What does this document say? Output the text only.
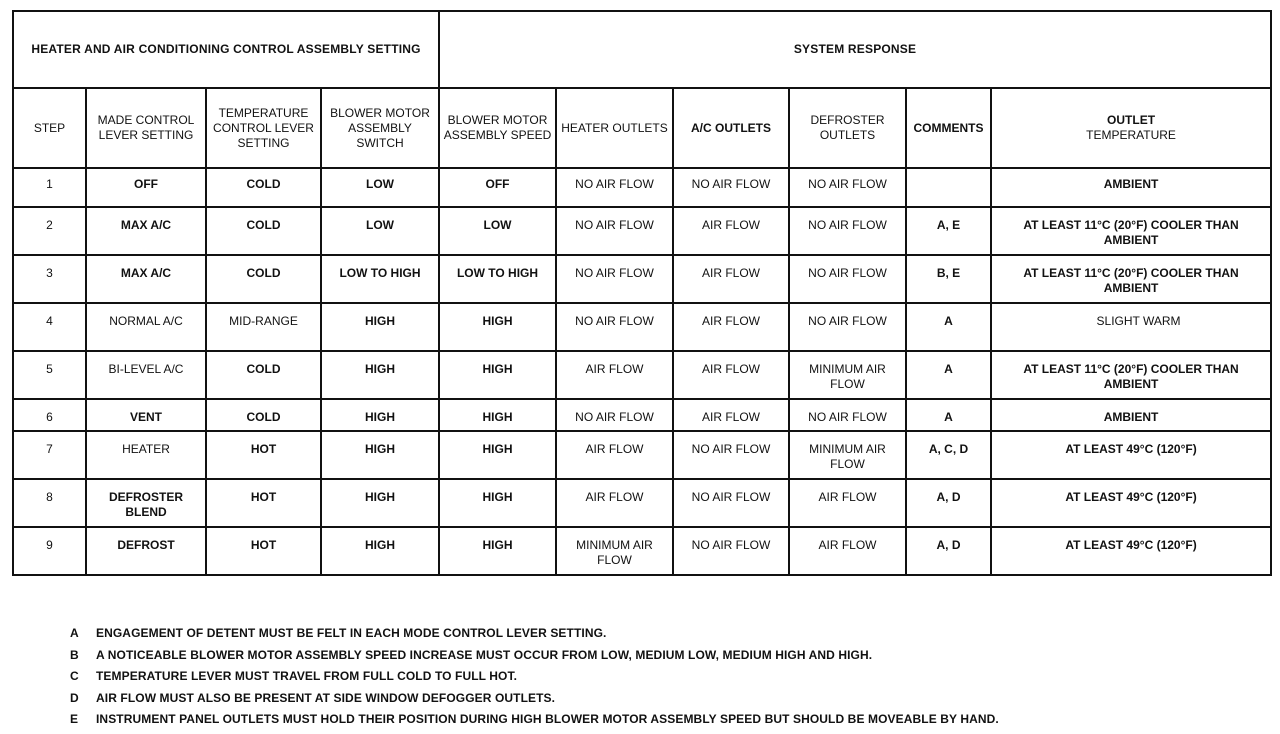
HEATER AND AIR CONDITIONING CONTROL ASSEMBLY SETTING				SYSTEM RESPONSE					
STEP	MADE CONTROL LEVER SETTING	TEMPERATURE CONTROL LEVER SETTING	BLOWER MOTOR ASSEMBLY SWITCH	BLOWER MOTOR ASSEMBLY SPEED	HEATER OUTLETS	A/C OUTLETS	DEFROSTER OUTLETS	COMMENTS	OUTLET
TEMPERATURE
1	OFF	COLD	LOW	OFF	NO AIR FLOW	NO AIR FLOW	NO AIR FLOW		AMBIENT
2	MAX A/C	COLD	LOW	LOW	NO AIR FLOW	AIR FLOW	NO AIR FLOW	A, E	AT LEAST 11°C (20°F) COOLER THAN AMBIENT
3	MAX A/C	COLD	LOW TO HIGH	LOW TO HIGH	NO AIR FLOW	AIR FLOW	NO AIR FLOW	B, E	AT LEAST 11°C (20°F) COOLER THAN AMBIENT
4	NORMAL A/C	MID-RANGE	HIGH	HIGH	NO AIR FLOW	AIR FLOW	NO AIR FLOW	A	SLIGHT WARM
5	BI-LEVEL A/C	COLD	HIGH	HIGH	AIR FLOW	AIR FLOW	MINIMUM AIR FLOW	A	AT LEAST 11°C (20°F) COOLER THAN AMBIENT
6	VENT	COLD	HIGH	HIGH	NO AIR FLOW	AIR FLOW	NO AIR FLOW	A	AMBIENT
7	HEATER	HOT	HIGH	HIGH	AIR FLOW	NO AIR FLOW	MINIMUM AIR FLOW	A, C, D	AT LEAST 49°C (120°F)
8	DEFROSTER BLEND	HOT	HIGH	HIGH	AIR FLOW	NO AIR FLOW	AIR FLOW	A, D	AT LEAST 49°C (120°F)
9	DEFROST	HOT	HIGH	HIGH	MINIMUM AIR FLOW	NO AIR FLOW	AIR FLOW	A, D	AT LEAST 49°C (120°F)
A	ENGAGEMENT OF DETENT MUST BE FELT IN EACH MODE CONTROL LEVER SETTING.
B	A NOTICEABLE BLOWER MOTOR ASSEMBLY SPEED INCREASE MUST OCCUR FROM LOW, MEDIUM LOW, MEDIUM HIGH AND HIGH.
C	TEMPERATURE LEVER MUST TRAVEL FROM FULL COLD TO FULL HOT.
D	AIR FLOW MUST ALSO BE PRESENT AT SIDE WINDOW DEFOGGER OUTLETS.
E	INSTRUMENT PANEL OUTLETS MUST HOLD THEIR POSITION DURING HIGH BLOWER MOTOR ASSEMBLY SPEED BUT SHOULD BE MOVEABLE BY HAND.
